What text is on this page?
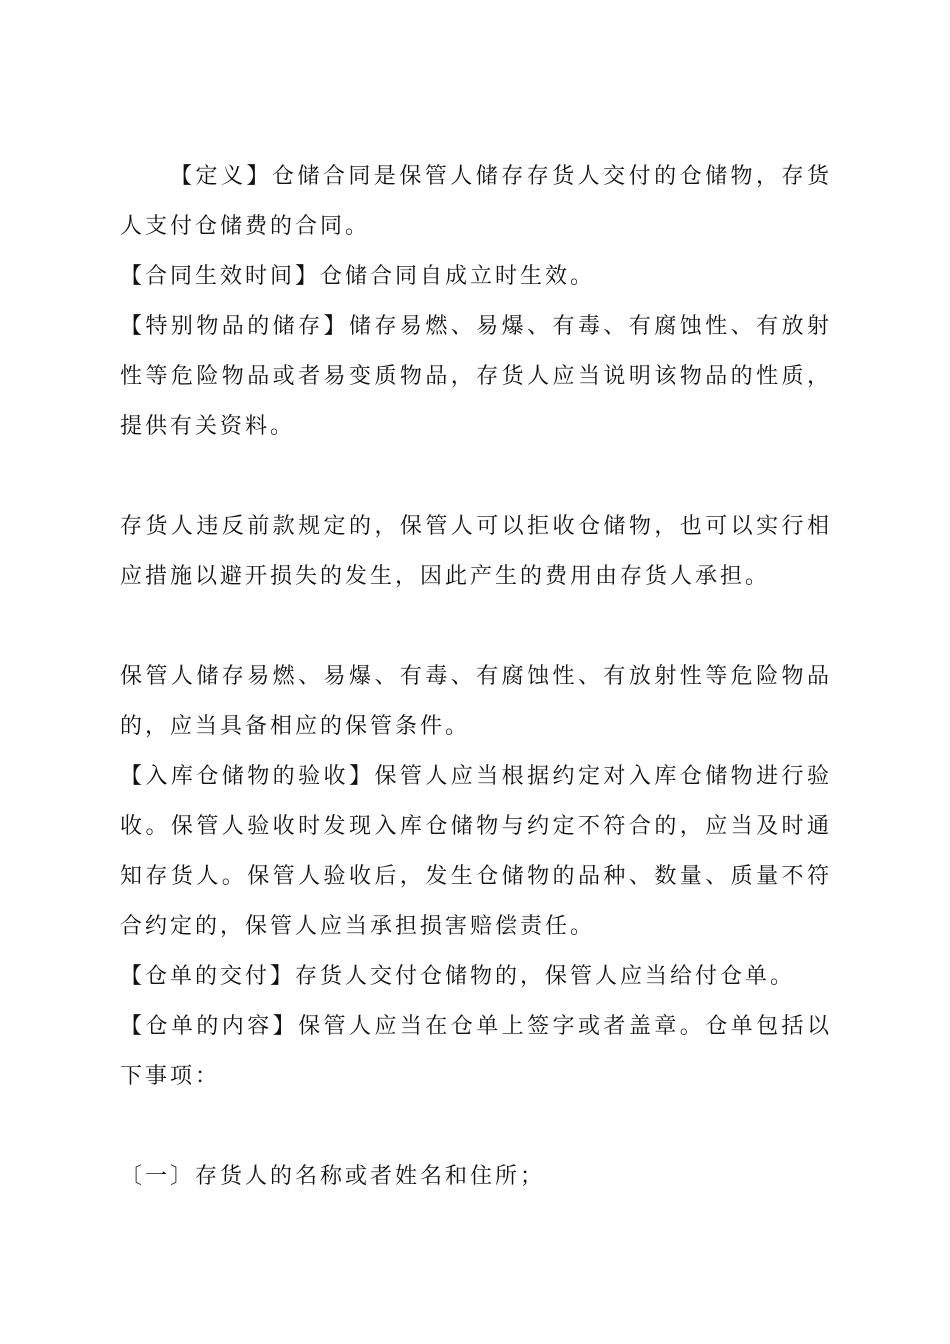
【定义】仓储合同是保管人储存存货人交付的仓储物，存货人支付仓储费的合同。

【合同生效时间】仓储合同自成立时生效。

【特别物品的储存】储存易燃、易爆、有毒、有腐蚀性、有放射性等危险物品或者易变质物品，存货人应当说明该物品的性质，提供有关资料。

存货人违反前款规定的，保管人可以拒收仓储物，也可以实行相应措施以避开损失的发生，因此产生的费用由存货人承担。

保管人储存易燃、易爆、有毒、有腐蚀性、有放射性等危险物品的，应当具备相应的保管条件。

【入库仓储物的验收】保管人应当根据约定对入库仓储物进行验收。保管人验收时发现入库仓储物与约定不符合的，应当及时通知存货人。保管人验收后，发生仓储物的品种、数量、质量不符合约定的，保管人应当承担损害赔偿责任。

【仓单的交付】存货人交付仓储物的，保管人应当给付仓单。

【仓单的内容】保管人应当在仓单上签字或者盖章。仓单包括以下事项：

〔一〕存货人的名称或者姓名和住所；
